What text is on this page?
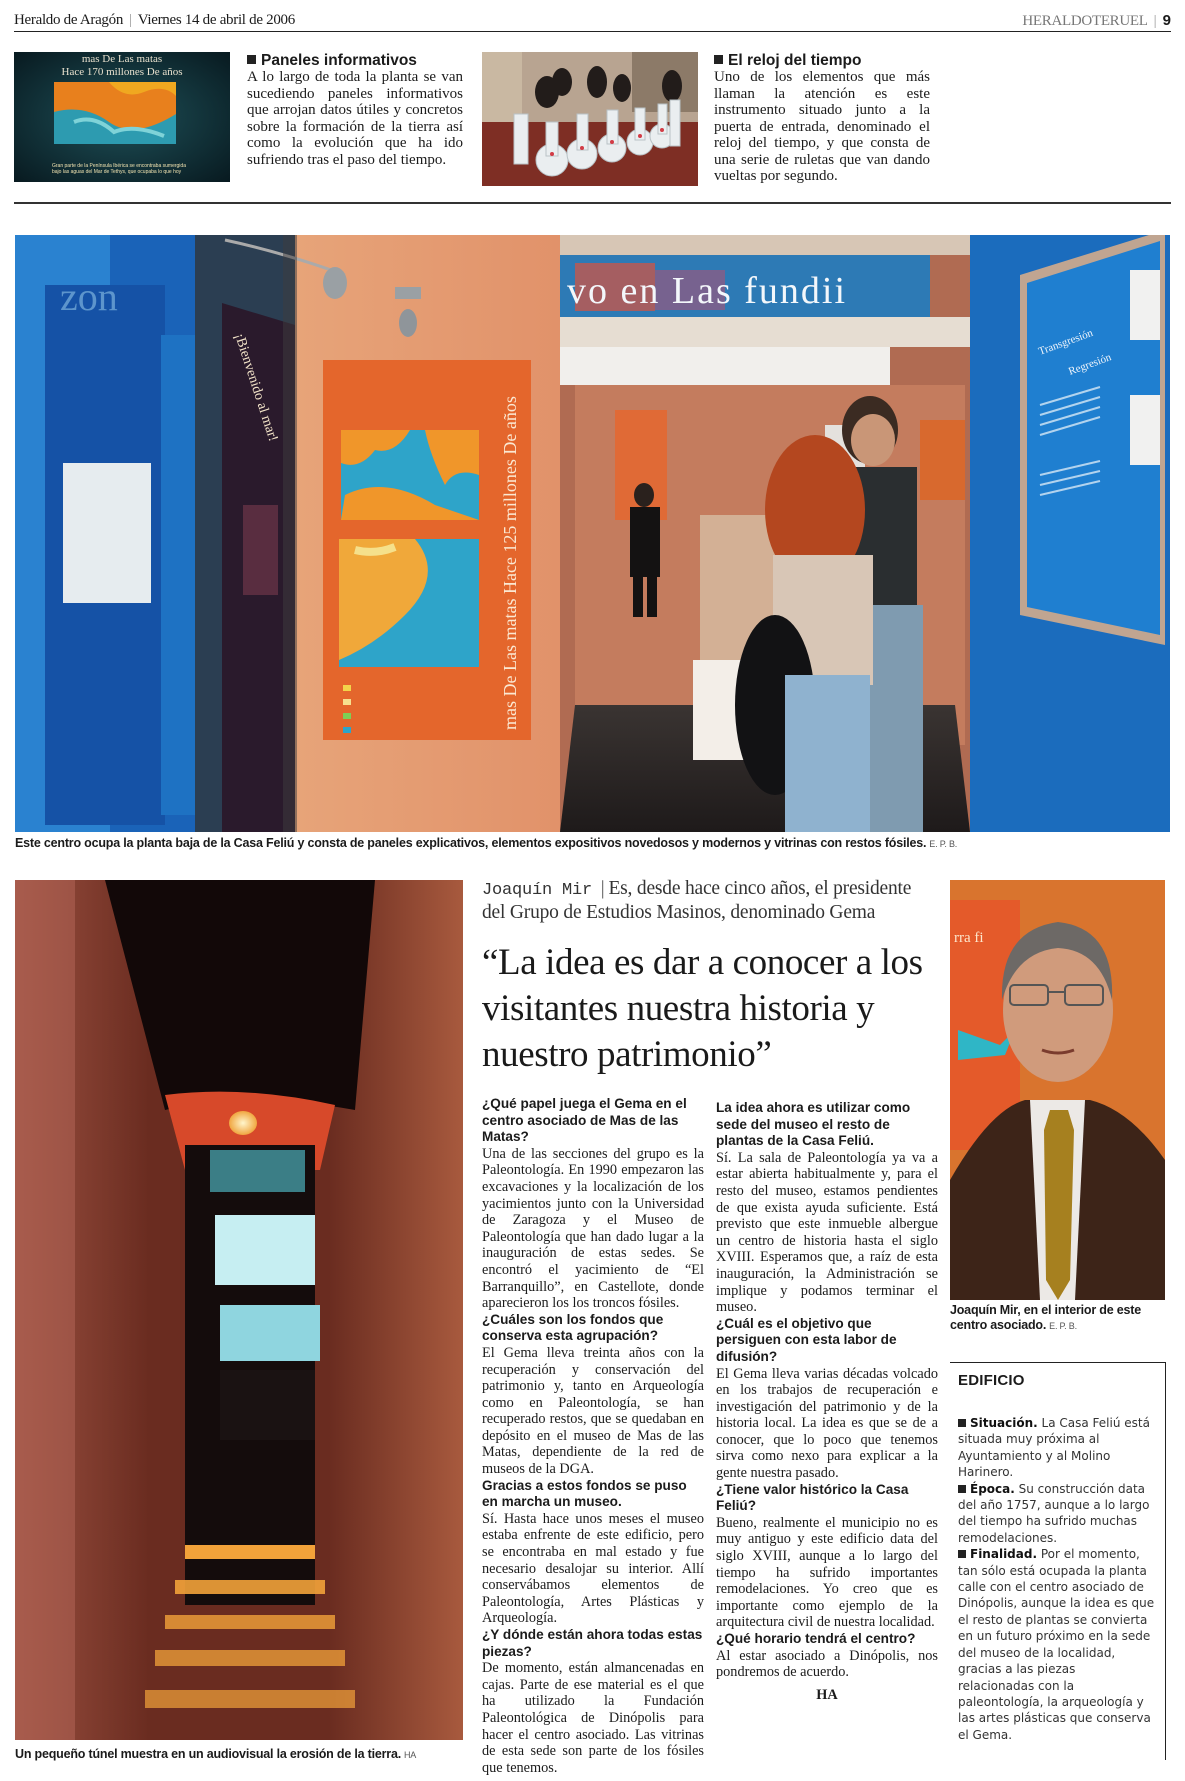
Heraldo de Aragón | Viernes 14 de abril de 2006	HERALDOTERUEL | 9
mas De Las matas
Hace 170 millones De años
Gran parte de la Península Ibérica se encontraba sumergida bajo las aguas del Mar de Tethys, que ocupaba lo que hoy
Paneles informativos
A lo largo de toda la planta se van sucediendo paneles informativos que arrojan datos útiles y concretos sobre la formación de la tierra así como la evolución que ha ido sufriendo tras el paso del tiempo.
El reloj del tiempo
Uno de los elementos que más llaman la atención es este instrumento situado junto a la puerta de entrada, denominado el reloj del tiempo, y que consta de una serie de ruletas que van dando vueltas por segundo.
zon
¡Bienvenido al mar!
mas De Las matas Hace 125 millones De años
vo en Las fundii
Transgresión
Regresión
Este centro ocupa la planta baja de la Casa Feliú y consta de paneles explicativos, elementos expositivos novedosos y modernos y vitrinas con restos fósiles. E. P. B.
Un pequeño túnel muestra en un audiovisual la erosión de la tierra. HA
Joaquín Mir | Es, desde hace cinco años, el presidente del Grupo de Estudios Masinos, denominado Gema
“La idea es dar a conocer a los visitantes nuestra historia y nuestro patrimonio”
¿Qué papel juega el Gema en el centro asociado de Mas de las Matas?
Una de las secciones del grupo es la Paleontología. En 1990 empezaron las excavaciones y la localización de los yacimientos junto con la Universidad de Zaragoza y el Museo de Paleontología que han dado lugar a la inauguración de estas sedes. Se encontró el yacimiento de “El Barranquillo”, en Castellote, donde aparecieron los los troncos fósiles.
¿Cuáles son los fondos que conserva esta agrupación?
El Gema lleva treinta años con la recuperación y conservación del patrimonio y, tanto en Arqueología como en Paleontología, se han recuperado restos, que se quedaban en depósito en el museo de Mas de las Matas, dependiente de la red de museos de la DGA.
Gracias a estos fondos se puso en marcha un museo.
Sí. Hasta hace unos meses el museo estaba enfrente de este edificio, pero se encontraba en mal estado y fue necesario desalojar su interior. Allí conservábamos elementos de Paleontología, Artes Plásticas y Arqueología.
¿Y dónde están ahora todas estas piezas?
De momento, están almancenadas en cajas. Parte de ese material es el que ha utilizado la Fundación Paleontológica de Dinópolis para hacer el centro asociado. Las vitrinas de esta sede son parte de los fósiles que tenemos.
La idea ahora es utilizar como sede del museo el resto de plantas de la Casa Feliú.
Sí. La sala de Paleontología ya va a estar abierta habitualmente y, para el resto del museo, estamos pendientes de que exista ayuda suficiente. Está previsto que este inmueble albergue un centro de historia hasta el siglo XVIII. Esperamos que, a raíz de esta inauguración, la Administración se implique y podamos terminar el museo.
¿Cuál es el objetivo que persiguen con esta labor de difusión?
El Gema lleva varias décadas volcado en los trabajos de recuperación e investigación del patrimonio y de la historia local. La idea es que se de a conocer, que lo poco que tenemos sirva como nexo para explicar a la gente nuestra pasado.
¿Tiene valor histórico la Casa Feliú?
Bueno, realmente el municipio no es muy antiguo y este edificio data del siglo XVIII, aunque a lo largo del tiempo ha sufrido importantes remodelaciones. Yo creo que es importante como ejemplo de la arquitectura civil de nuestra localidad.
¿Qué horario tendrá el centro?
Al estar asociado a Dinópolis, nos pondremos de acuerdo.
HA
rra fi
Joaquín Mir, en el interior de este centro asociado. E. P. B.
EDIFICIO
Situación. La Casa Feliú está situada muy próxima al Ayuntamiento y al Molino Harinero.
Época. Su construcción data del año 1757, aunque a lo largo del tiempo ha sufrido muchas remodelaciones.
Finalidad. Por el momento, tan sólo está ocupada la planta calle con el centro asociado de Dinópolis, aunque la idea es que el resto de plantas se convierta en un futuro próximo en la sede del museo de la localidad, gracias a las piezas relacionadas con la paleontología, la arqueología y las artes plásticas que conserva el Gema.
